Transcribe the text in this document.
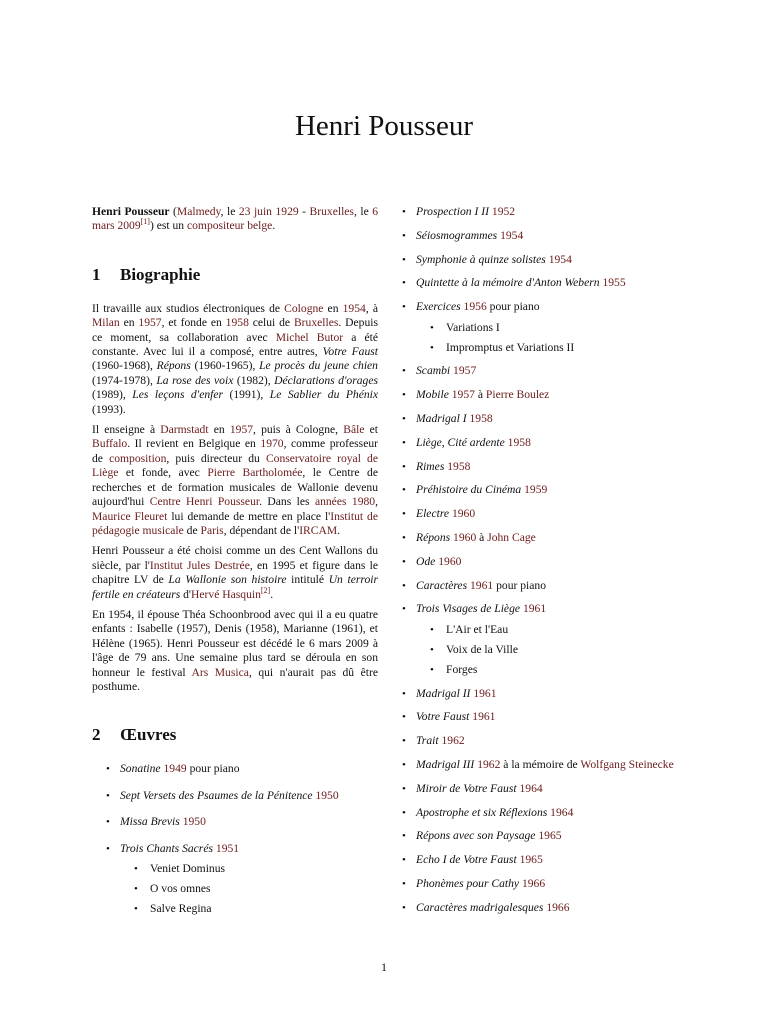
Henri Pousseur

Henri Pousseur (Malmedy, le 23 juin 1929 - Bruxelles, le 6 mars 2009[1]) est un compositeur belge.

1 Biographie

Il travaille aux studios électroniques de Cologne en 1954, à Milan en 1957, et fonde en 1958 celui de Bruxelles. Depuis ce moment, sa collaboration avec Michel Butor a été constante. Avec lui il a composé, entre autres, Votre Faust (1960-1968), Répons (1960-1965), Le procès du jeune chien (1974-1978), La rose des voix (1982), Déclarations d'orages (1989), Les leçons d'enfer (1991), Le Sablier du Phénix (1993).

Il enseigne à Darmstadt en 1957, puis à Cologne, Bâle et Buffalo. Il revient en Belgique en 1970, comme professeur de composition, puis directeur du Conservatoire royal de Liège et fonde, avec Pierre Bartholomée, le Centre de recherches et de formation musicales de Wallonie devenu aujourd'hui Centre Henri Pousseur. Dans les années 1980, Maurice Fleuret lui demande de mettre en place l'Institut de pédagogie musicale de Paris, dépendant de l'IRCAM.

Henri Pousseur a été choisi comme un des Cent Wallons du siècle, par l'Institut Jules Destrée, en 1995 et figure dans le chapitre LV de La Wallonie son histoire intitulé Un terroir fertile en créateurs d'Hervé Hasquin[2].

En 1954, il épouse Théa Schoonbrood avec qui il a eu quatre enfants : Isabelle (1957), Denis (1958), Marianne (1961), et Hélène (1965). Henri Pousseur est décédé le 6 mars 2009 à l'âge de 79 ans. Une semaine plus tard se déroula en son honneur le festival Ars Musica, qui n'aurait pas dû être posthume.

2 Œuvres
• Sonatine 1949 pour piano
• Sept Versets des Psaumes de la Pénitence 1950
• Missa Brevis 1950
• Trois Chants Sacrés 1951
• Veniet Dominus
• O vos omnes
• Salve Regina
• Prospection I II 1952
• Séiosmogrammes 1954
• Symphonie à quinze solistes 1954
• Quintette à la mémoire d'Anton Webern 1955
• Exercices 1956 pour piano
• Variations I
• Impromptus et Variations II
• Scambi 1957
• Mobile 1957 à Pierre Boulez
• Madrigal I 1958
• Liège, Cité ardente 1958
• Rimes 1958
• Préhistoire du Cinéma 1959
• Electre 1960
• Répons 1960 à John Cage
• Ode 1960
• Caractères 1961 pour piano
• Trois Visages de Liège 1961
• L'Air et l'Eau
• Voix de la Ville
• Forges
• Madrigal II 1961
• Votre Faust 1961
• Trait 1962
• Madrigal III 1962 à la mémoire de Wolfgang Steinecke
• Miroir de Votre Faust 1964
• Apostrophe et six Réflexions 1964
• Répons avec son Paysage 1965
• Echo I de Votre Faust 1965
• Phonèmes pour Cathy 1966
• Caractères madrigalesques 1966
1
